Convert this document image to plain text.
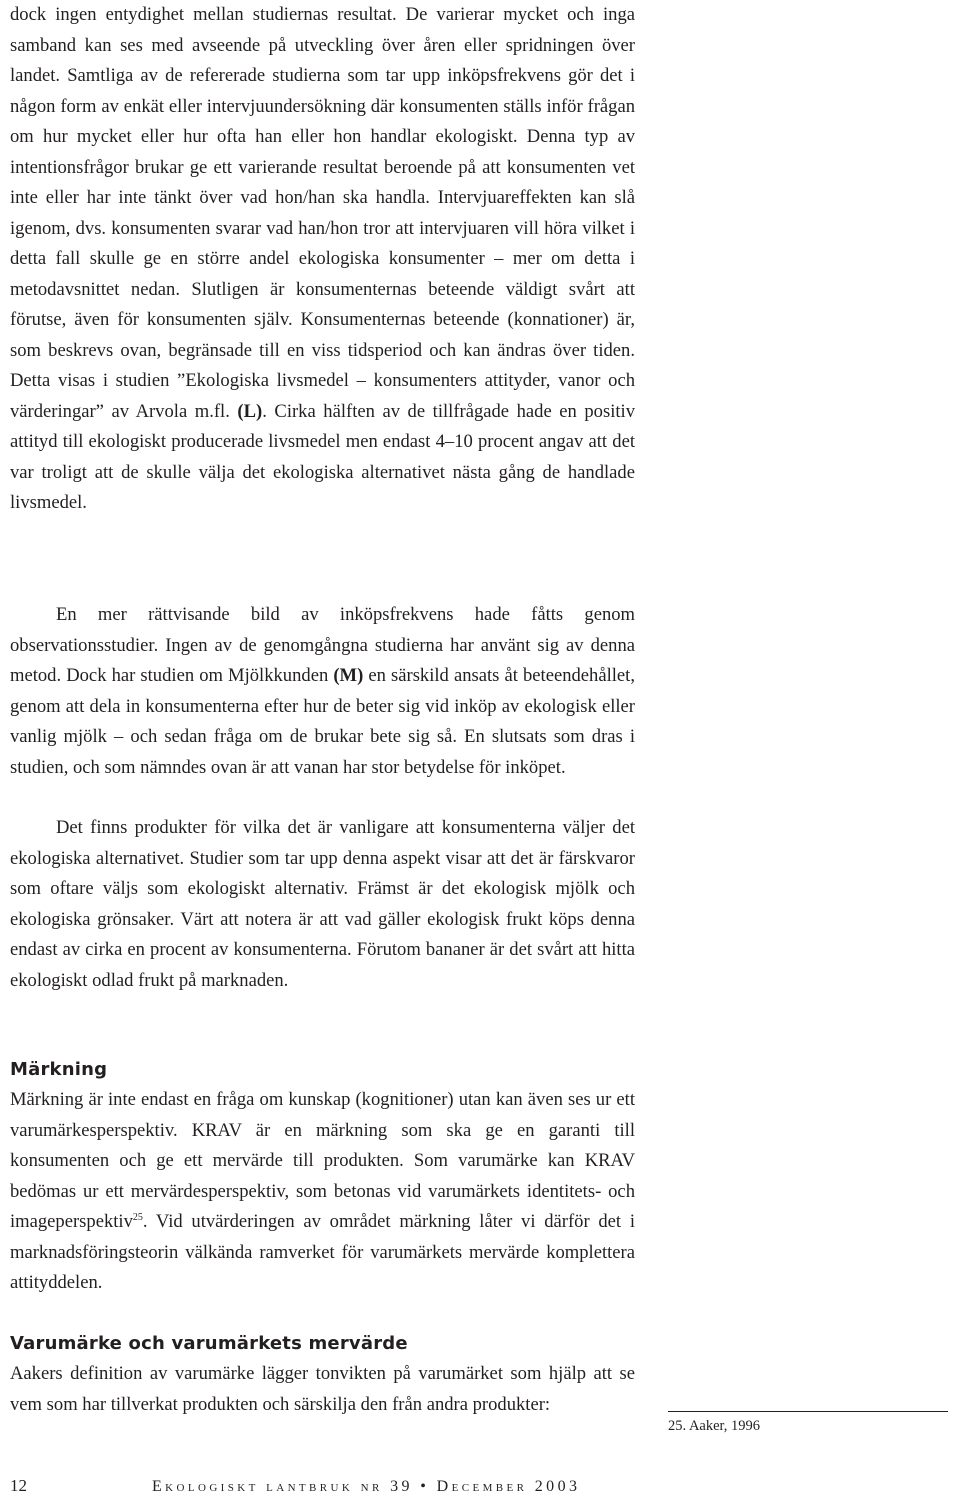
dock ingen entydighet mellan studiernas resultat. De varierar mycket och inga samband kan ses med avseende på utveckling över åren eller spridningen över landet. Samtliga av de refererade studierna som tar upp inköpsfrekvens gör det i någon form av enkät eller intervjuundersökning där konsumenten ställs inför frågan om hur mycket eller hur ofta han eller hon handlar ekologiskt. Denna typ av intentionsfrågor brukar ge ett varierande resultat beroende på att konsumenten vet inte eller har inte tänkt över vad hon/han ska handla. Intervjuareffekten kan slå igenom, dvs. konsumenten svarar vad han/hon tror att intervjuaren vill höra vilket i detta fall skulle ge en större andel ekologiska konsumenter – mer om detta i metodavsnittet nedan. Slutligen är konsumenternas beteende väldigt svårt att förutse, även för konsumenten själv. Konsumenternas beteende (konnationer) är, som beskrevs ovan, begränsade till en viss tidsperiod och kan ändras över tiden. Detta visas i studien ”Ekologiska livsmedel – konsumenters attityder, vanor och värderingar” av Arvola m.fl. (L). Cirka hälften av de tillfrågade hade en positiv attityd till ekologiskt producerade livsmedel men endast 4–10 procent angav att det var troligt att de skulle välja det ekologiska alternativet nästa gång de handlade livsmedel.

En mer rättvisande bild av inköpsfrekvens hade fåtts genom observationsstudier. Ingen av de genomgångna studierna har använt sig av denna metod. Dock har studien om Mjölkkunden (M) en särskild ansats åt beteendehållet, genom att dela in konsumenterna efter hur de beter sig vid inköp av ekologisk eller vanlig mjölk – och sedan fråga om de brukar bete sig så. En slutsats som dras i studien, och som nämndes ovan är att vanan har stor betydelse för inköpet.

Det finns produkter för vilka det är vanligare att konsumenterna väljer det ekologiska alternativet. Studier som tar upp denna aspekt visar att det är färskvaror som oftare väljs som ekologiskt alternativ. Främst är det ekologisk mjölk och ekologiska grönsaker. Värt att notera är att vad gäller ekologisk frukt köps denna endast av cirka en procent av konsumenterna. Förutom bananer är det svårt att hitta ekologiskt odlad frukt på marknaden.

Märkning

Märkning är inte endast en fråga om kunskap (kognitioner) utan kan även ses ur ett varumärkesperspektiv. KRAV är en märkning som ska ge en garanti till konsumenten och ge ett mervärde till produkten. Som varumärke kan KRAV bedömas ur ett mervärdesperspektiv, som betonas vid varumärkets identitets- och imageperspektiv$^{25}$. Vid utvärderingen av området märkning låter vi därför det i marknadsföringsteorin välkända ramverket för varumärkets mervärde komplettera attityddelen.

Varumärke och varumärkets mervärde

Aakers definition av varumärke lägger tonvikten på varumärket som hjälp att se vem som har tillverkat produkten och särskilja den från andra produkter:

25. Aaker, 1996
12	Ekologiskt lantbruk nr 39 • December 2003
